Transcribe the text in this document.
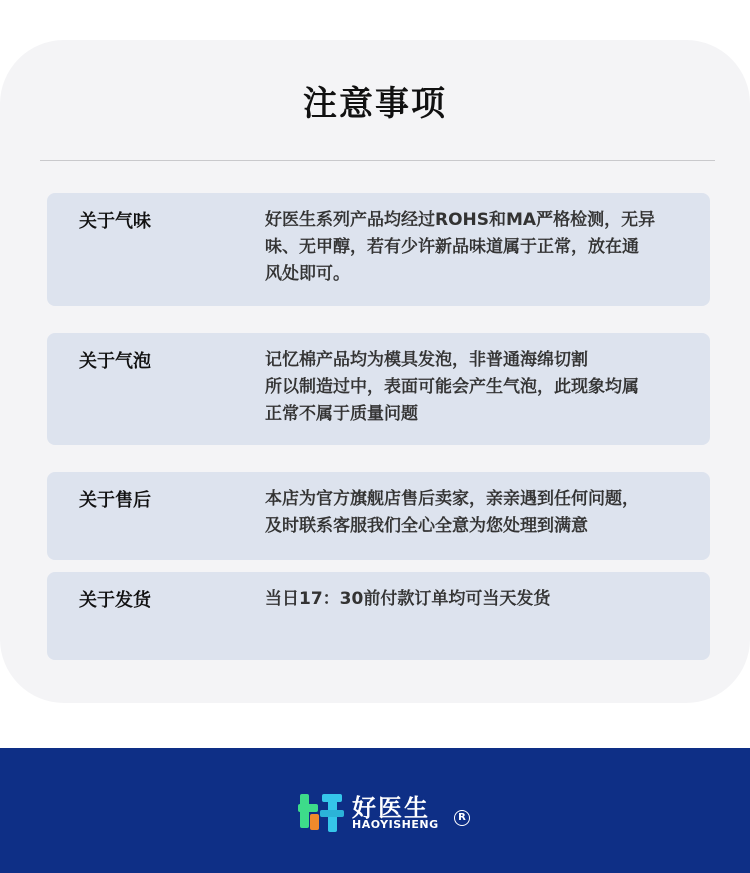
注意事项
关于气味	好医生系列产品均经过ROHS和MA严格检测，无异
味、无甲醇，若有少许新品味道属于正常，放在通
风处即可。
关于气泡	记忆棉产品均为模具发泡，非普通海绵切割
所以制造过中，表面可能会产生气泡，此现象均属
正常不属于质量问题
关于售后	本店为官方旗舰店售后卖家，亲亲遇到任何问题，
及时联系客服我们全心全意为您处理到满意
关于发货	当日17：30前付款订单均可当天发货
好医生
HAOYISHENG
R
